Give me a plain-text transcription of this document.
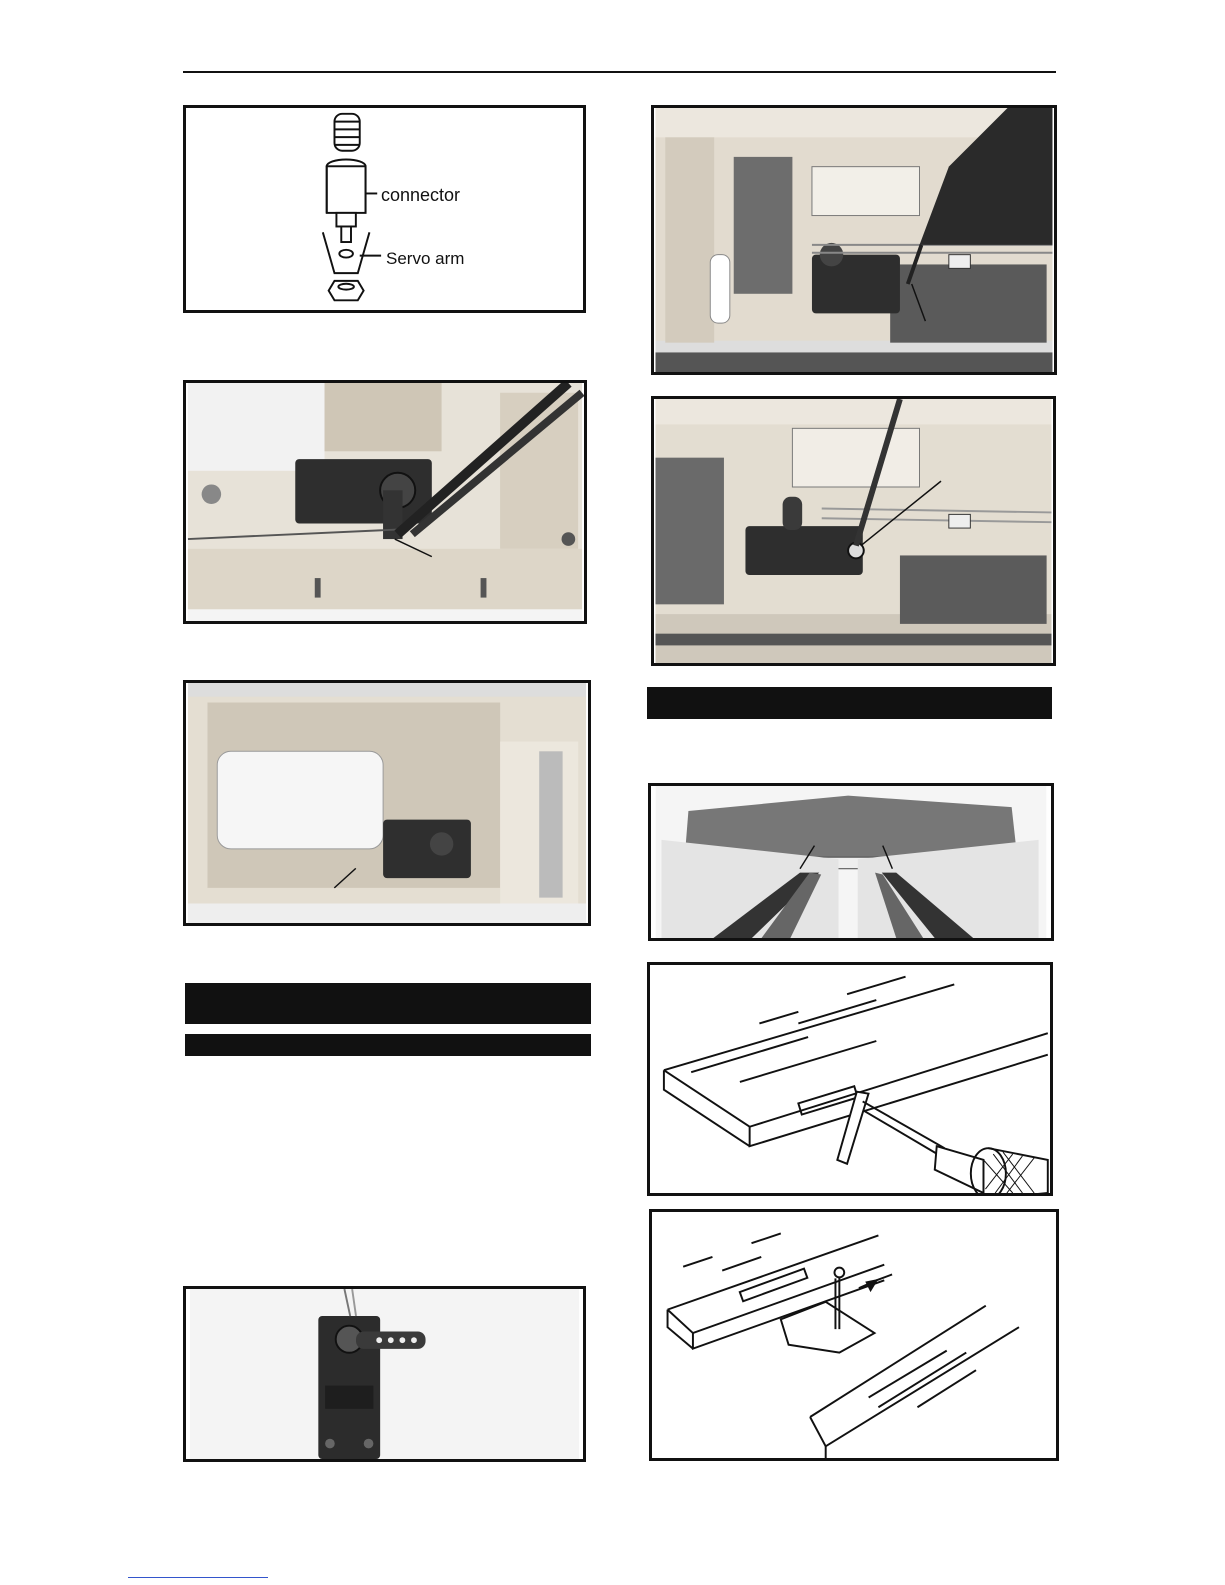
connector
Servo arm
